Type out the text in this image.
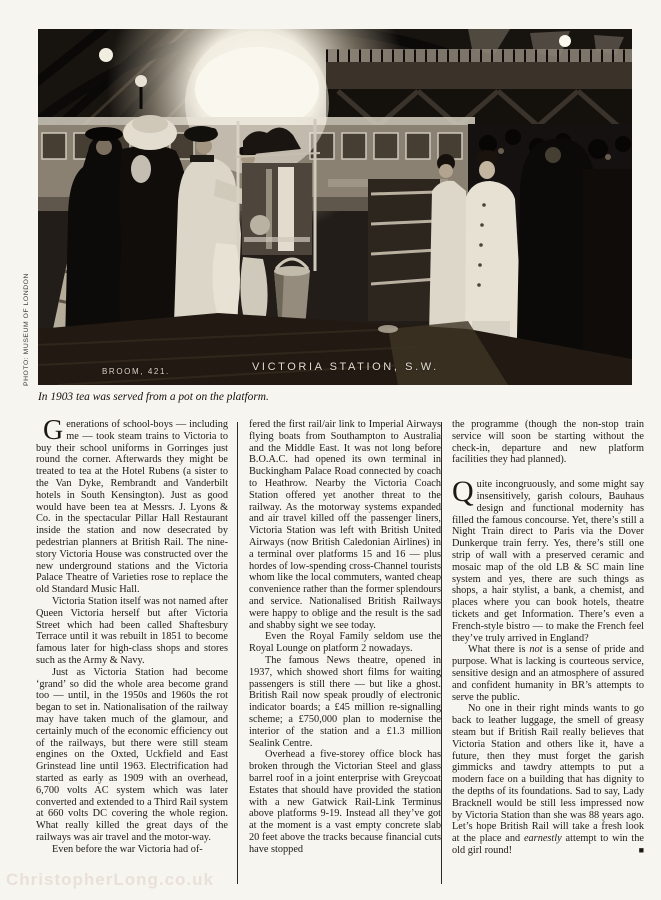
PHOTO: MUSEUM OF LONDON	BROOM, 421.	VICTORIA STATION, S.W.
In 1903 tea was served from a pot on the platform.

Generations of school-boys — including me — took steam trains to Victoria to buy their school uniforms in Gorringes just round the corner. Afterwards they might be treated to tea at the Hotel Rubens (a sister to the Van Dyke, Rembrandt and Vanderbilt hotels in South Kensington). Just as good would have been tea at Messrs. J. Lyons & Co. in the spectacular Pillar Hall Restaurant inside the station and now desecrated by pedestrian planners at British Rail. The nine-story Victoria House was constructed over the new underground stations and the Victoria Palace Theatre of Varieties rose to replace the old Standard Music Hall.

Victoria Station itself was not named after Queen Victoria herself but after Victoria Street which had been called Shaftesbury Terrace until it was rebuilt in 1851 to become famous later for high-class shops and stores such as the Army & Navy.

Just as Victoria Station had become ‘grand’ so did the whole area become grand too — until, in the 1950s and 1960s the rot began to set in. Nationalisation of the railway may have taken much of the glamour, and certainly much of the economic efficiency out of the railways, but there were still steam engines on the Oxted, Uckfield and East Grinstead line until 1963. Electrification had started as early as 1909 with an overhead, 6,700 volts AC system which was later converted and extended to a Third Rail system at 660 volts DC covering the whole region. What really killed the great days of the railways was air travel and the motor-way.

Even before the war Victoria had of-

fered the first rail/air link to Imperial Airways flying boats from Southampton to Australia and the Middle East. It was not long before B.O.A.C. had opened its own terminal in Buckingham Palace Road connected by coach to Heathrow. Nearby the Victoria Coach Station offered yet another threat to the railway. As the motorway systems expanded and air travel killed off the passenger liners, Victoria Station was left with British United Airways (now British Caledonian Airlines) in a terminal over platforms 15 and 16 — plus hordes of low-spending cross-Channel tourists whom like the local commuters, wanted cheap convenience rather than the former splendours and service. Nationalised British Railways were happy to oblige and the result is the sad and shabby sight we see today.

Even the Royal Family seldom use the Royal Lounge on platform 2 nowadays.

The famous News theatre, opened in 1937, which showed short films for waiting passengers is still there — but like a ghost. British Rail now speak proudly of electronic indicator boards; a £45 million re-signalling scheme; a £750,000 plan to modernise the interior of the station and a £1.3 million Sealink Centre.

Overhead a five-storey office block has broken through the Victorian Steel and glass barrel roof in a joint enterprise with Greycoat Estates that should have provided the station with a new Gatwick Rail-Link Terminus above platforms 9-19. Instead all they’ve got at the moment is a vast empty concrete slab 20 feet above the tracks because financial cuts have stopped

the programme (though the non-stop train service will soon be starting without the check-in, departure and new platform facilities they had planned).

Quite incongruously, and some might say insensitively, garish colours, Bauhaus design and functional modernity has filled the famous concourse. Yet, there’s still a Night Train direct to Paris via the Dover Dunkerque train ferry. Yes, there’s still one strip of wall with a preserved ceramic and mosaic map of the old LB & SC main line system and yes, there are such things as shops, a hair stylist, a bank, a chemist, and places where you can book hotels, theatre tickets and get Information. There’s even a French-style bistro — to make the French feel they’ve truly arrived in England?

What there is not is a sense of pride and purpose. What is lacking is courteous service, sensitive design and an atmosphere of assured and confident humanity in BR’s attempts to serve the public.

No one in their right minds wants to go back to leather luggage, the smell of greasy steam but if British Rail really believes that Victoria Station and others like it, have a future, then they must forget the garish gimmicks and tawdry attempts to put a modern face on a building that has dignity to the depths of its foundations. Sad to say, Lady Bracknell would be still less impressed now by Victoria Station than she was 88 years ago. Let’s hope British Rail will take a fresh look at the place and earnestly attempt to win the old girl round!	■

ChristopherLong.co.uk
